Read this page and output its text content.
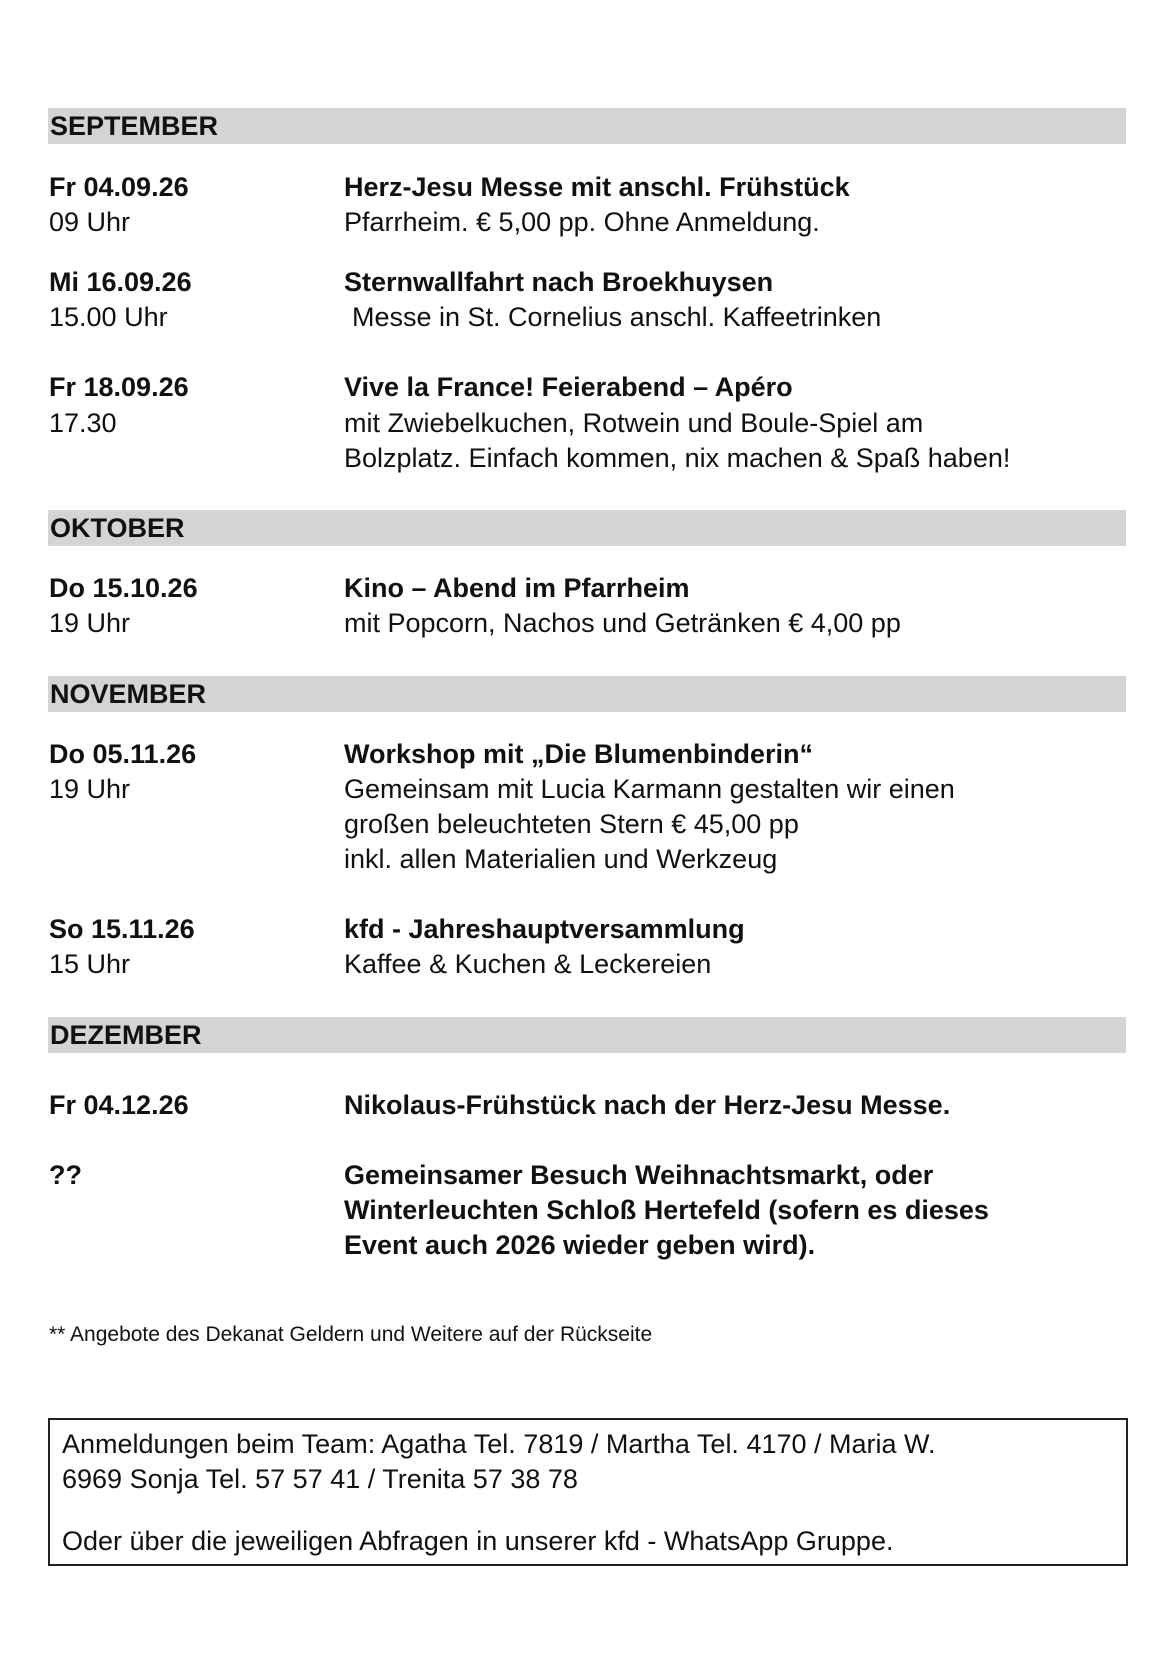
SEPTEMBER
Fr 04.09.26
09 Uhr
Herz-Jesu Messe mit anschl. Frühstück
Pfarrheim. € 5,00 pp. Ohne Anmeldung.
Mi 16.09.26
15.00 Uhr
Sternwallfahrt nach Broekhuysen
Messe in St. Cornelius anschl. Kaffeetrinken
Fr 18.09.26
17.30
Vive la France! Feierabend – Apéro
mit Zwiebelkuchen, Rotwein und Boule-Spiel am
Bolzplatz. Einfach kommen, nix machen & Spaß haben!
OKTOBER
Do 15.10.26
19 Uhr
Kino – Abend im Pfarrheim
mit Popcorn, Nachos und Getränken € 4,00 pp
NOVEMBER
Do 05.11.26
19 Uhr
Workshop mit „Die Blumenbinderin“
Gemeinsam mit Lucia Karmann gestalten wir einen
großen beleuchteten Stern € 45,00 pp
inkl. allen Materialien und Werkzeug
So 15.11.26
15 Uhr
kfd - Jahreshauptversammlung
Kaffee & Kuchen & Leckereien
DEZEMBER
Fr 04.12.26	Nikolaus-Frühstück nach der Herz-Jesu Messe.
??	Gemeinsamer Besuch Weihnachtsmarkt, oder
Winterleuchten Schloß Hertefeld (sofern es dieses
Event auch 2026 wieder geben wird).
** Angebote des Dekanat Geldern und Weitere auf der Rückseite
Anmeldungen beim Team: Agatha Tel. 7819 / Martha Tel. 4170 / Maria W.
6969 Sonja Tel. 57 57 41 / Trenita 57 38 78
Oder über die jeweiligen Abfragen in unserer kfd - WhatsApp Gruppe.
